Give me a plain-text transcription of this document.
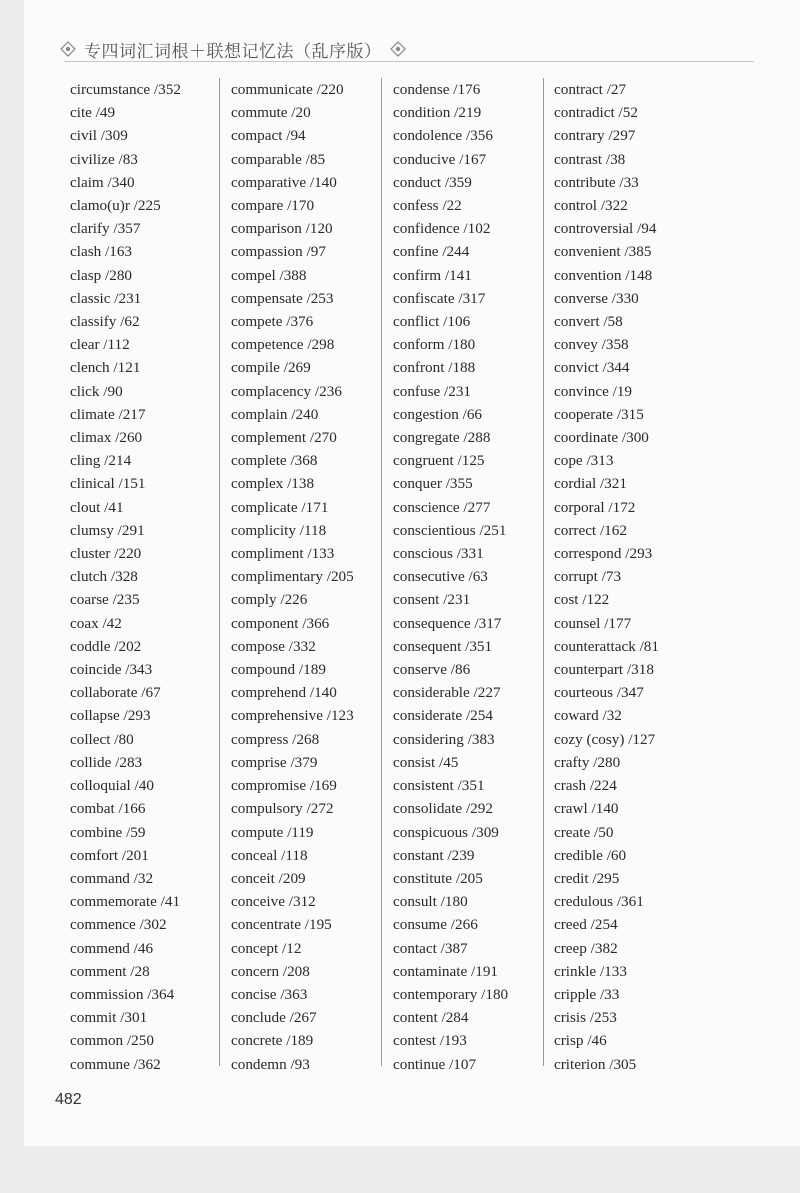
专四词汇词根＋联想记忆法（乱序版）
circumstance /352
cite /49
civil /309
civilize /83
claim /340
clamo(u)r /225
clarify /357
clash /163
clasp /280
classic /231
classify /62
clear /112
clench /121
click /90
climate /217
climax /260
cling /214
clinical /151
clout /41
clumsy /291
cluster /220
clutch /328
coarse /235
coax /42
coddle /202
coincide /343
collaborate /67
collapse /293
collect /80
collide /283
colloquial /40
combat /166
combine /59
comfort /201
command /32
commemorate /41
commence /302
commend /46
comment /28
commission /364
commit /301
common /250
commune /362
communicate /220
commute /20
compact /94
comparable /85
comparative /140
compare /170
comparison /120
compassion /97
compel /388
compensate /253
compete /376
competence /298
compile /269
complacency /236
complain /240
complement /270
complete /368
complex /138
complicate /171
complicity /118
compliment /133
complimentary /205
comply /226
component /366
compose /332
compound /189
comprehend /140
comprehensive /123
compress /268
comprise /379
compromise /169
compulsory /272
compute /119
conceal /118
conceit /209
conceive /312
concentrate /195
concept /12
concern /208
concise /363
conclude /267
concrete /189
condemn /93
condense /176
condition /219
condolence /356
conducive /167
conduct /359
confess /22
confidence /102
confine /244
confirm /141
confiscate /317
conflict /106
conform /180
confront /188
confuse /231
congestion /66
congregate /288
congruent /125
conquer /355
conscience /277
conscientious /251
conscious /331
consecutive /63
consent /231
consequence /317
consequent /351
conserve /86
considerable /227
considerate /254
considering /383
consist /45
consistent /351
consolidate /292
conspicuous /309
constant /239
constitute /205
consult /180
consume /266
contact /387
contaminate /191
contemporary /180
content /284
contest /193
continue /107
contract /27
contradict /52
contrary /297
contrast /38
contribute /33
control /322
controversial /94
convenient /385
convention /148
converse /330
convert /58
convey /358
convict /344
convince /19
cooperate /315
coordinate /300
cope /313
cordial /321
corporal /172
correct /162
correspond /293
corrupt /73
cost /122
counsel /177
counterattack /81
counterpart /318
courteous /347
coward /32
cozy (cosy) /127
crafty /280
crash /224
crawl /140
create /50
credible /60
credit /295
credulous /361
creed /254
creep /382
crinkle /133
cripple /33
crisis /253
crisp /46
criterion /305
482
